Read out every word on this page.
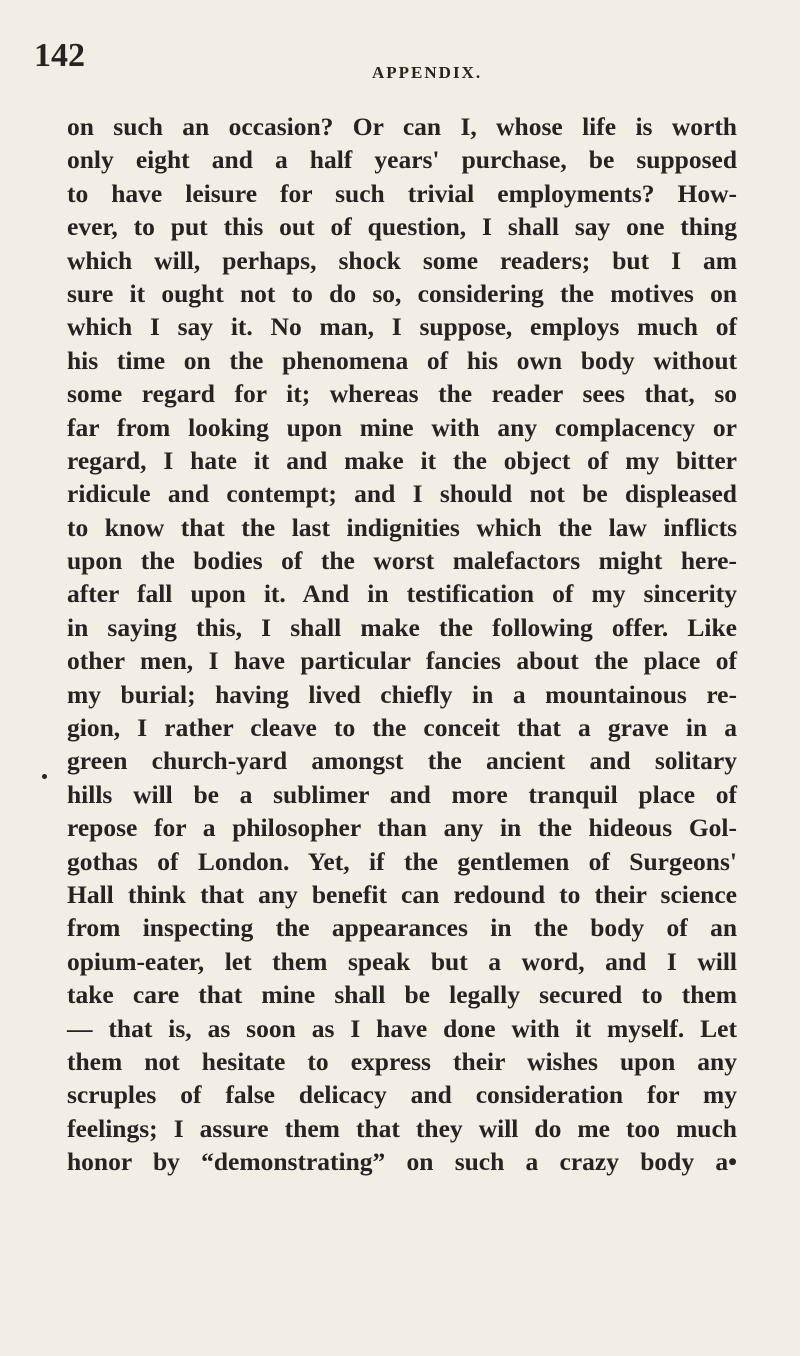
142	APPENDIX.
on such an occasion? Or can I, whose life is worth
only eight and a half years' purchase, be supposed
to have leisure for such trivial employments? How-
ever, to put this out of question, I shall say one thing
which will, perhaps, shock some readers; but I am
sure it ought not to do so, considering the motives on
which I say it. No man, I suppose, employs much of
his time on the phenomena of his own body without
some regard for it; whereas the reader sees that, so
far from looking upon mine with any complacency or
regard, I hate it and make it the object of my bitter
ridicule and contempt; and I should not be displeased
to know that the last indignities which the law inflicts
upon the bodies of the worst malefactors might here-
after fall upon it. And in testification of my sincerity
in saying this, I shall make the following offer. Like
other men, I have particular fancies about the place of
my burial; having lived chiefly in a mountainous re-
gion, I rather cleave to the conceit that a grave in a
green church-yard amongst the ancient and solitary
hills will be a sublimer and more tranquil place of
repose for a philosopher than any in the hideous Gol-
gothas of London. Yet, if the gentlemen of Surgeons'
Hall think that any benefit can redound to their science
from inspecting the appearances in the body of an
opium-eater, let them speak but a word, and I will
take care that mine shall be legally secured to them
— that is, as soon as I have done with it myself. Let
them not hesitate to express their wishes upon any
scruples of false delicacy and consideration for my
feelings; I assure them that they will do me too much
honor by “demonstrating” on such a crazy body a•
